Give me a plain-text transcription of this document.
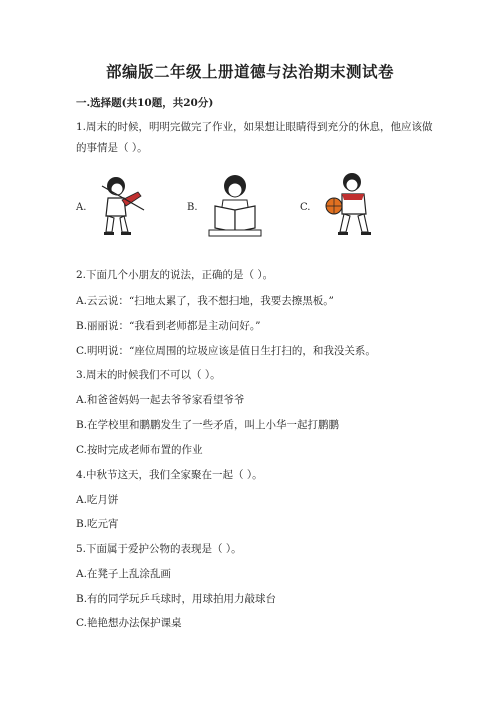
部编版二年级上册道德与法治期末测试卷
一.选择题(共10题，共20分)
1.周末的时候，明明完做完了作业，如果想让眼睛得到充分的休息，他应该做
的事情是（ ）。
A.	B.	C.
2.下面几个小朋友的说法，正确的是（ ）。
A.云云说：“扫地太累了，我不想扫地，我要去擦黑板。”
B.丽丽说：“我看到老师都是主动问好。”
C.明明说：“座位周围的垃圾应该是值日生打扫的，和我没关系。
3.周末的时候我们不可以（ ）。
A.和爸爸妈妈一起去爷爷家看望爷爷
B.在学校里和鹏鹏发生了一些矛盾，叫上小华一起打鹏鹏
C.按时完成老师布置的作业
4.中秋节这天，我们全家聚在一起（ ）。
A.吃月饼
B.吃元宵
5.下面属于爱护公物的表现是（ ）。
A.在凳子上乱涂乱画
B.有的同学玩乒乓球时，用球拍用力敲球台
C.艳艳想办法保护课桌
